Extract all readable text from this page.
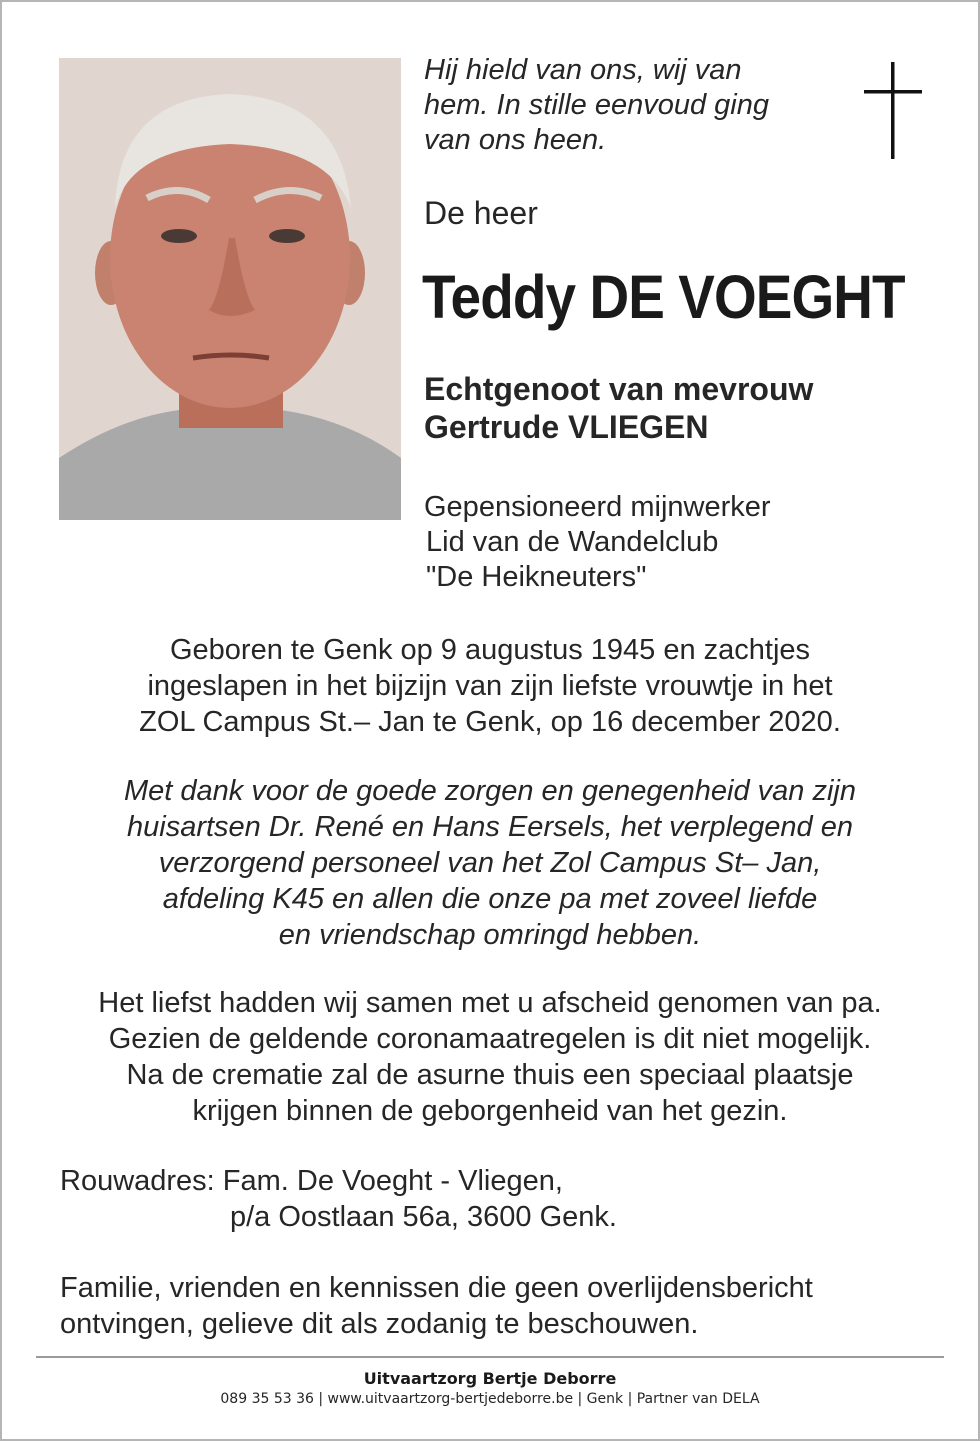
Hij hield van ons, wij van
hem. In stille eenvoud ging
van ons heen.
De heer
Teddy DE VOEGHT
Echtgenoot van mevrouw
Gertrude VLIEGEN
Gepensioneerd mijnwerker
Lid van de Wandelclub
"De Heikneuters"
Geboren te Genk op 9 augustus 1945 en zachtjes
ingeslapen in het bijzijn van zijn liefste vrouwtje in het
ZOL Campus St.– Jan te Genk, op 16 december 2020.
Met dank voor de goede zorgen en genegenheid van zijn
huisartsen Dr. René en Hans Eersels, het verplegend en
verzorgend personeel van het Zol Campus St– Jan,
afdeling K45 en allen die onze pa met zoveel liefde
en vriendschap omringd hebben.
Het liefst hadden wij samen met u afscheid genomen van pa.
Gezien de geldende coronamaatregelen is dit niet mogelijk.
Na de crematie zal de asurne thuis een speciaal plaatsje
krijgen binnen de geborgenheid van het gezin.
Rouwadres: Fam. De Voeght - Vliegen,
p/a Oostlaan 56a, 3600 Genk.
Familie, vrienden en kennissen die geen overlijdensbericht
ontvingen, gelieve dit als zodanig te beschouwen.
Uitvaartzorg Bertje Deborre
089 35 53 36 | www.uitvaartzorg-bertjedeborre.be | Genk | Partner van DELA
